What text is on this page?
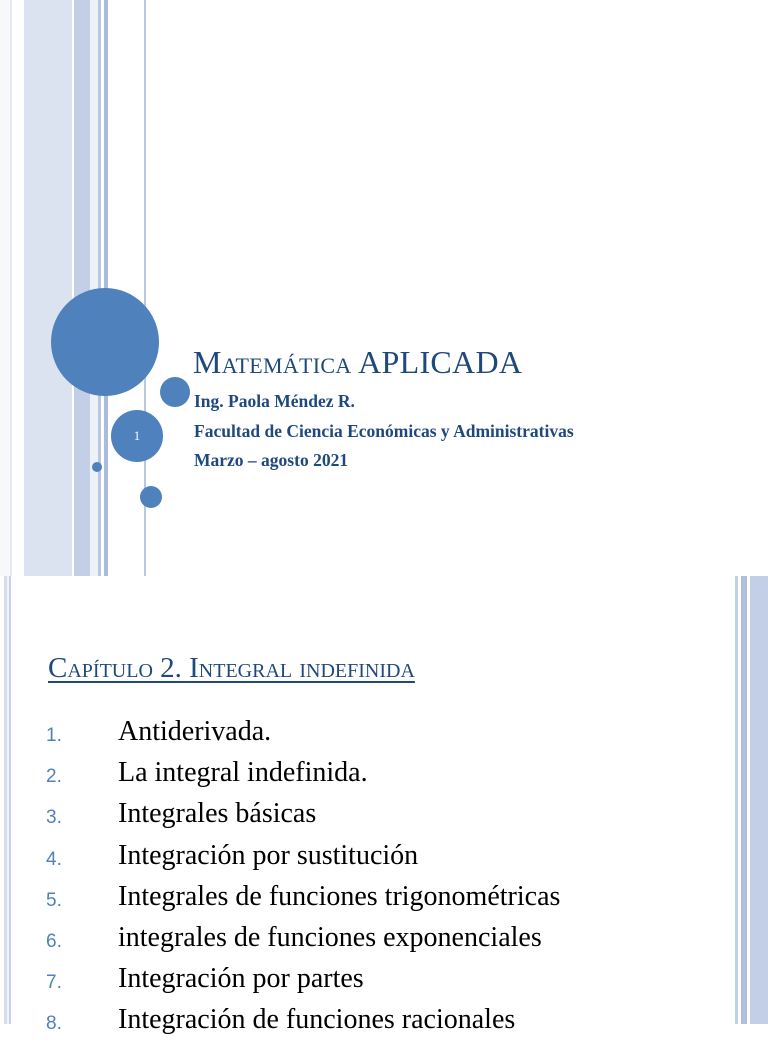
1
Matemática APLICADA

Ing. Paola Méndez R.

Facultad de Ciencia Económicas y Administrativas

Marzo – agosto 2021

Capítulo 2. Integral indefinida
1.	Antiderivada.
2.	La integral indefinida.
3.	Integrales básicas
4.	Integración por sustitución
5.	Integrales de funciones trigonométricas
6.	integrales de funciones exponenciales
7.	Integración por partes
8.	Integración de funciones racionales
